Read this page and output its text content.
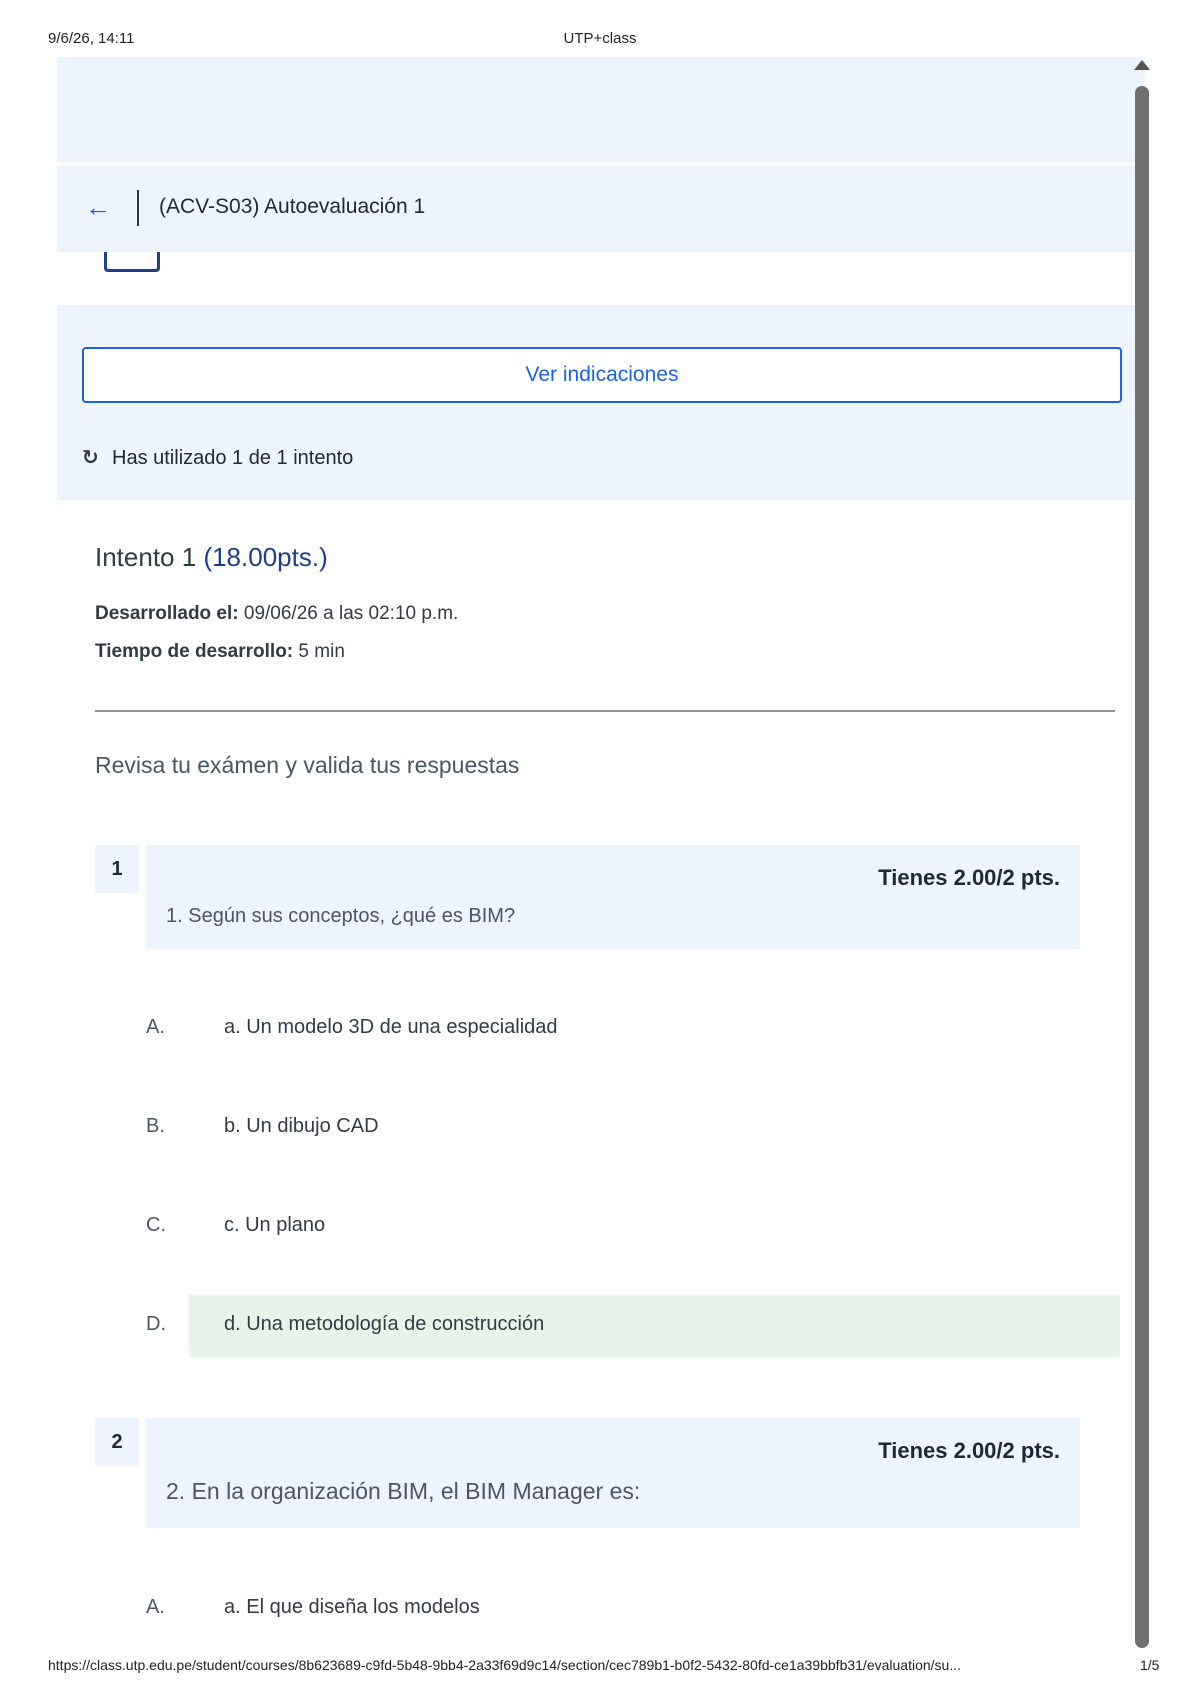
9/6/26, 14:11	UTP+class
← (ACV-S03) Autoevaluación 1
Ver indicaciones
↻ Has utilizado 1 de 1 intento
Intento 1 (18.00pts.)
Desarrollado el: 09/06/26 a las 02:10 p.m.
Tiempo de desarrollo: 5 min
Revisa tu exámen y valida tus respuestas
1	Tienes 2.00/2 pts.
1. Según sus conceptos, ¿qué es BIM?
A.	a. Un modelo 3D de una especialidad
B.	b. Un dibujo CAD
C.	c. Un plano
D.	d. Una metodología de construcción
2	Tienes 2.00/2 pts.
2. En la organización BIM, el BIM Manager es:
A.	a. El que diseña los modelos
https://class.utp.edu.pe/student/courses/8b623689-c9fd-5b48-9bb4-2a33f69d9c14/section/cec789b1-b0f2-5432-80fd-ce1a39bbfb31/evaluation/su...	1/5
